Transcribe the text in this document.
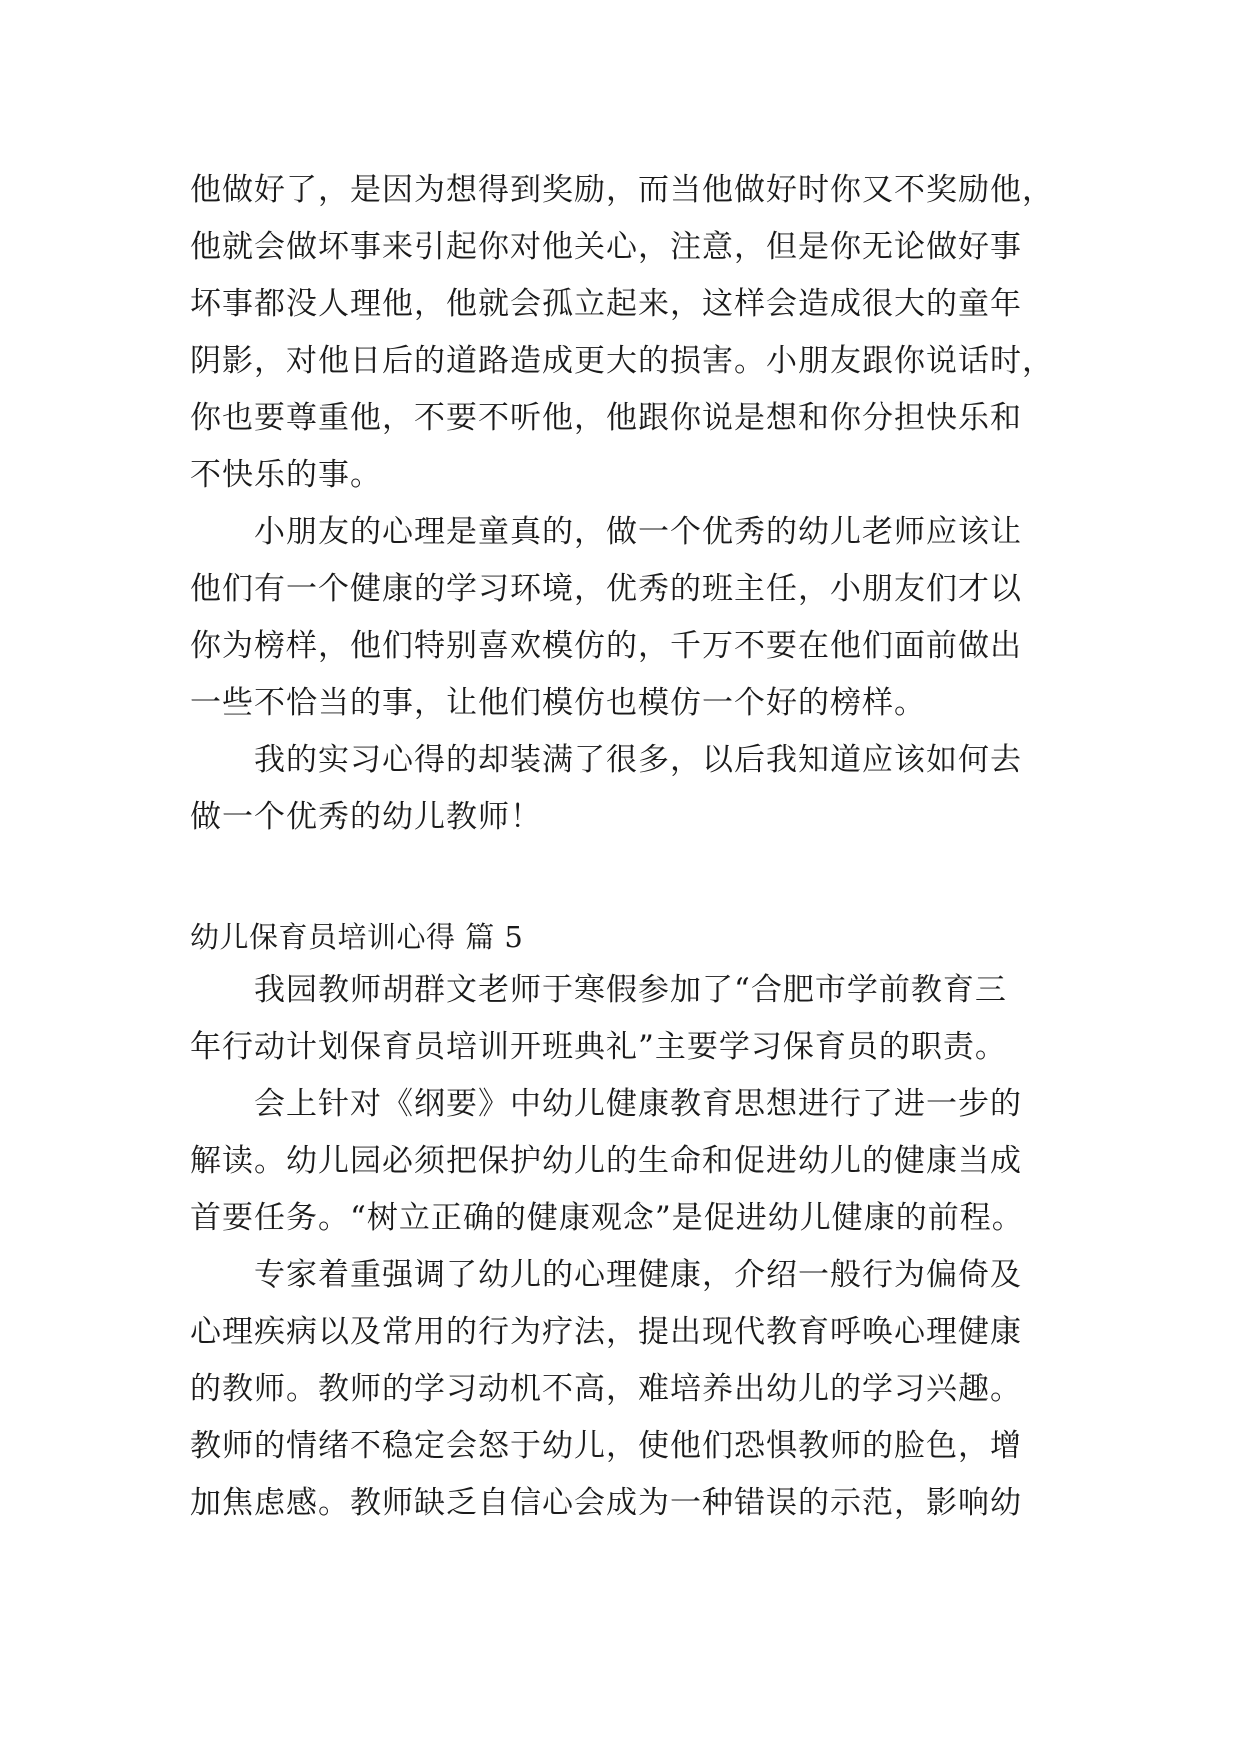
他做好了，是因为想得到奖励，而当他做好时你又不奖励他，
他就会做坏事来引起你对他关心，注意，但是你无论做好事
坏事都没人理他，他就会孤立起来，这样会造成很大的童年
阴影，对他日后的道路造成更大的损害。小朋友跟你说话时，
你也要尊重他，不要不听他，他跟你说是想和你分担快乐和
不快乐的事。
小朋友的心理是童真的，做一个优秀的幼儿老师应该让
他们有一个健康的学习环境，优秀的班主任，小朋友们才以
你为榜样，他们特别喜欢模仿的，千万不要在他们面前做出
一些不恰当的事，让他们模仿也模仿一个好的榜样。
我的实习心得的却装满了很多，以后我知道应该如何去
做一个优秀的幼儿教师！
幼儿保育员培训心得 篇 5
我园教师胡群文老师于寒假参加了“合肥市学前教育三
年行动计划保育员培训开班典礼”主要学习保育员的职责。
会上针对《纲要》中幼儿健康教育思想进行了进一步的
解读。幼儿园必须把保护幼儿的生命和促进幼儿的健康当成
首要任务。“树立正确的健康观念”是促进幼儿健康的前程。
专家着重强调了幼儿的心理健康，介绍一般行为偏倚及
心理疾病以及常用的行为疗法，提出现代教育呼唤心理健康
的教师。教师的学习动机不高，难培养出幼儿的学习兴趣。
教师的情绪不稳定会怒于幼儿，使他们恐惧教师的脸色，增
加焦虑感。教师缺乏自信心会成为一种错误的示范，影响幼
